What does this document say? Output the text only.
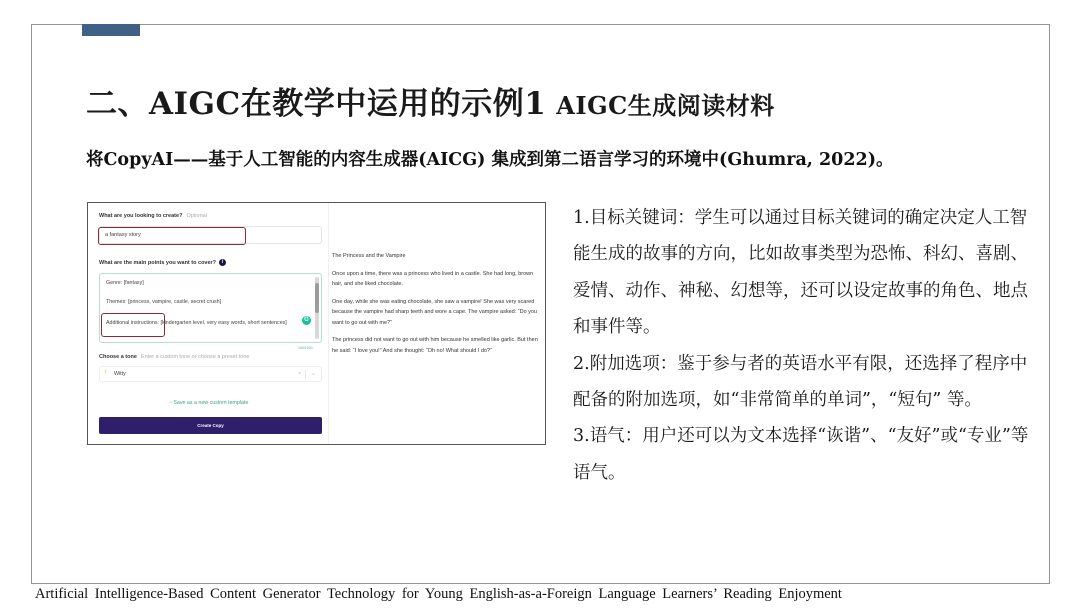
二、AIGC在教学中运用的示例1 AIGC生成阅读材料
将CopyAI——基于人工智能的内容生成器(AICG) 集成到第二语言学习的环境中(Ghumra, 2022)。
What are you looking to create? Optional
a fantasy story
What are the main points you want to cover? i
Genre: [fantasy]
Themes: [princess, vampire, castle, secret crush]
Additional instructions: [kindergarten level, very easy words, short sentences]	G
160/1000
Choose a tone Enter a custom tone or choose a preset tone
! Witty	× ⌄
▫ Save as a new custom template
Create Copy
The Princess and the Vampire

Once upon a time, there was a princess who lived in a castle. She had long, brown hair, and she liked chocolate.

One day, while she was eating chocolate, she saw a vampire! She was very scared because the vampire had sharp teeth and wore a cape. The vampire asked: “Do you want to go out with me?”

The princess did not want to go out with him because he smelled like garlic. But then he said: “I love you!” And she thought: “Oh no! What should I do?”

1.目标关键词：学生可以通过目标关键词的确定决定人工智能生成的故事的方向，比如故事类型为恐怖、科幻、喜剧、爱情、动作、神秘、幻想等，还可以设定故事的角色、地点和事件等。
2.附加选项：鉴于参与者的英语水平有限，还选择了程序中配备的附加选项，如“非常简单的单词”，“短句” 等。
3.语气：用户还可以为文本选择“诙谐”、“友好”或“专业”等语气。
Artificial Intelligence-Based Content Generator Technology for Young English-as-a-Foreign Language Learners’ Reading Enjoyment
